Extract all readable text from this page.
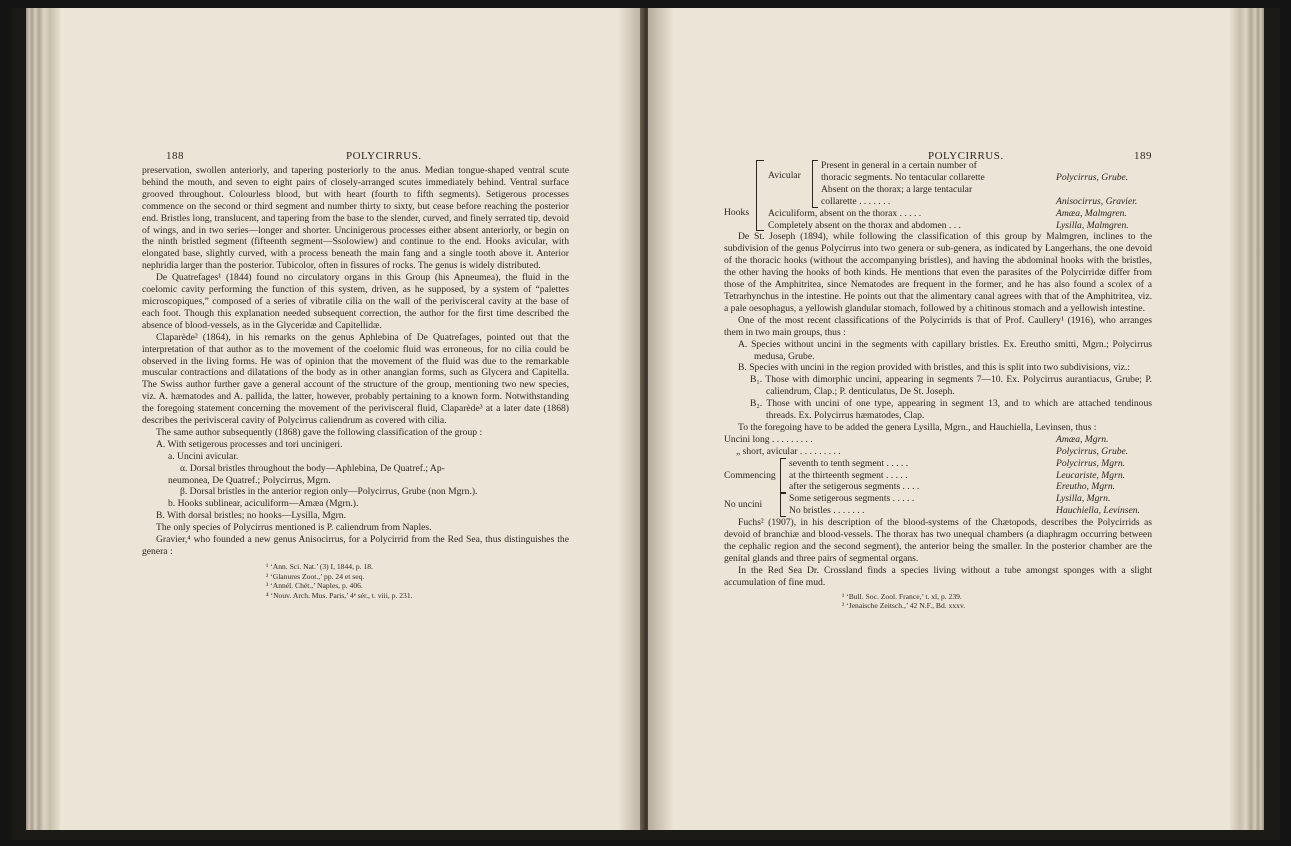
188	POLYCIRRUS.	POLYCIRRUS.	189

preservation, swollen anteriorly, and tapering posteriorly to the anus. Median tongue-shaped ventral scute behind the mouth, and seven to eight pairs of closely-arranged scutes immediately behind. Ventral surface grooved throughout. Colourless blood, but with heart (fourth to fifth segments). Setigerous processes commence on the second or third segment and number thirty to sixty, but cease before reaching the posterior end. Bristles long, translucent, and tapering from the base to the slender, curved, and finely serrated tip, devoid of wings, and in two series—longer and shorter. Uncinigerous processes either absent anteriorly, or begin on the ninth bristled segment (fifteenth segment—Ssolowiew) and continue to the end. Hooks avicular, with elongated base, slightly curved, with a process beneath the main fang and a single tooth above it. Anterior nephridia larger than the posterior. Tubicolor, often in fissures of rocks. The genus is widely distributed.

De Quatrefages¹ (1844) found no circulatory organs in this Group (his Apneumea), the fluid in the coelomic cavity performing the function of this system, driven, as he supposed, by a system of “palettes microscopiques,” composed of a series of vibratile cilia on the wall of the perivisceral cavity at the base of each foot. Though this explanation needed subsequent correction, the author for the first time described the absence of blood-vessels, as in the Glyceridæ and Capitellidæ.

Claparède² (1864), in his remarks on the genus Aphlebina of De Quatrefages, pointed out that the interpretation of that author as to the movement of the coelomic fluid was erroneous, for no cilia could be observed in the living forms. He was of opinion that the movement of the fluid was due to the remarkable muscular contractions and dilatations of the body as in other anangian forms, such as Glycera and Capitella. The Swiss author further gave a general account of the structure of the group, mentioning two new species, viz. A. hæmatodes and A. pallida, the latter, however, probably pertaining to a known form. Notwithstanding the foregoing statement concerning the movement of the perivisceral fluid, Claparède³ at a later date (1868) describes the perivisceral cavity of Polycirrus caliendrum as covered with cilia.

The same author subsequently (1868) gave the following classification of the group :

A. With setigerous processes and tori uncinigeri.

a. Uncini avicular.

α. Dorsal bristles throughout the body—Aphlebina, De Quatref.; Ap-

neumonea, De Quatref.; Polycirrus, Mgrn.

β. Dorsal bristles in the anterior region only—Polycirrus, Grube (non Mgrn.).

b. Hooks sublinear, aciculiform—Amæa (Mgrn.).

B. With dorsal bristles; no hooks—Lysilla, Mgrn.

The only species of Polycirrus mentioned is P. caliendrum from Naples.

Gravier,⁴ who founded a new genus Anisocirrus, for a Polycirrid from the Red Sea, thus distinguishes the genera :

¹ ‘Ann. Sci. Nat.’ (3) I, 1844, p. 18.

² ‘Glanures Zoot.,’ pp. 24 et seq.

³ ‘Annél. Chét.,’ Naples, p. 406.

⁴ ‘Nouv. Arch. Mus. Paris,’ 4ᵉ sér., t. viii, p. 231.

Hooks
Avicular
Present in general in a certain number of
thoracic segments. No tentacular collarette	Polycirrus, Grube.
Absent on the thorax; a large tentacular
collarette . . . . . . .	Anisocirrus, Gravier.
Aciculiform, absent on the thorax . . . . .	Amæa, Malmgren.
Completely absent on the thorax and abdomen . . .	Lysilla, Malmgren.

De St. Joseph (1894), while following the classification of this group by Malmgren, inclines to the subdivision of the genus Polycirrus into two genera or sub-genera, as indicated by Langerhans, the one devoid of the thoracic hooks (without the accompanying bristles), and having the abdominal hooks with the bristles, the other having the hooks of both kinds. He mentions that even the parasites of the Polycirridæ differ from those of the Amphitritea, since Nematodes are frequent in the former, and he has also found a scolex of a Tetrarhynchus in the intestine. He points out that the alimentary canal agrees with that of the Amphitritea, viz. a pale oesophagus, a yellowish glandular stomach, followed by a chitinous stomach and a yellowish intestine.

One of the most recent classifications of the Polycirrids is that of Prof. Caullery¹ (1916), who arranges them in two main groups, thus :

A. Species without uncini in the segments with capillary bristles. Ex. Ereutho smitti, Mgrn.; Polycirrus medusa, Grube.

B. Species with uncini in the region provided with bristles, and this is split into two subdivisions, viz.:

B₁. Those with dimorphic uncini, appearing in segments 7—10. Ex. Polycirrus aurantiacus, Grube; P. caliendrum, Clap.; P. denticulatus, De St. Joseph.

B₂. Those with uncini of one type, appearing in segment 13, and to which are attached tendinous threads. Ex. Polycirrus hæmatodes, Clap.

To the foregoing have to be added the genera Lysilla, Mgrn., and Hauchiella, Levinsen, thus :

Uncini long . . . . . . . . .	Amæa, Mgrn.
„ short, avicular . . . . . . . . .	Polycirrus, Grube.
Commencing
seventh to tenth segment . . . . .	Polycirrus, Mgrn.
at the thirteenth segment . . . . .	Leucariste, Mgrn.
after the setigerous segments . . . .	Ereutho, Mgrn.
No uncini
Some setigerous segments . . . . .	Lysilla, Mgrn.
No bristles . . . . . . .	Hauchiella, Levinsen.

Fuchs² (1907), in his description of the blood-systems of the Chætopods, describes the Polycirrids as devoid of branchiæ and blood-vessels. The thorax has two unequal chambers (a diaphragm occurring between the cephalic region and the second segment), the anterior being the smaller. In the posterior chamber are the genital glands and three pairs of segmental organs.

In the Red Sea Dr. Crossland finds a species living without a tube amongst sponges with a slight accumulation of fine mud.

¹ ‘Bull. Soc. Zool. France,’ t. xl, p. 239.

² ‘Jenaische Zeitsch.,’ 42 N.F., Bd. xxxv.
